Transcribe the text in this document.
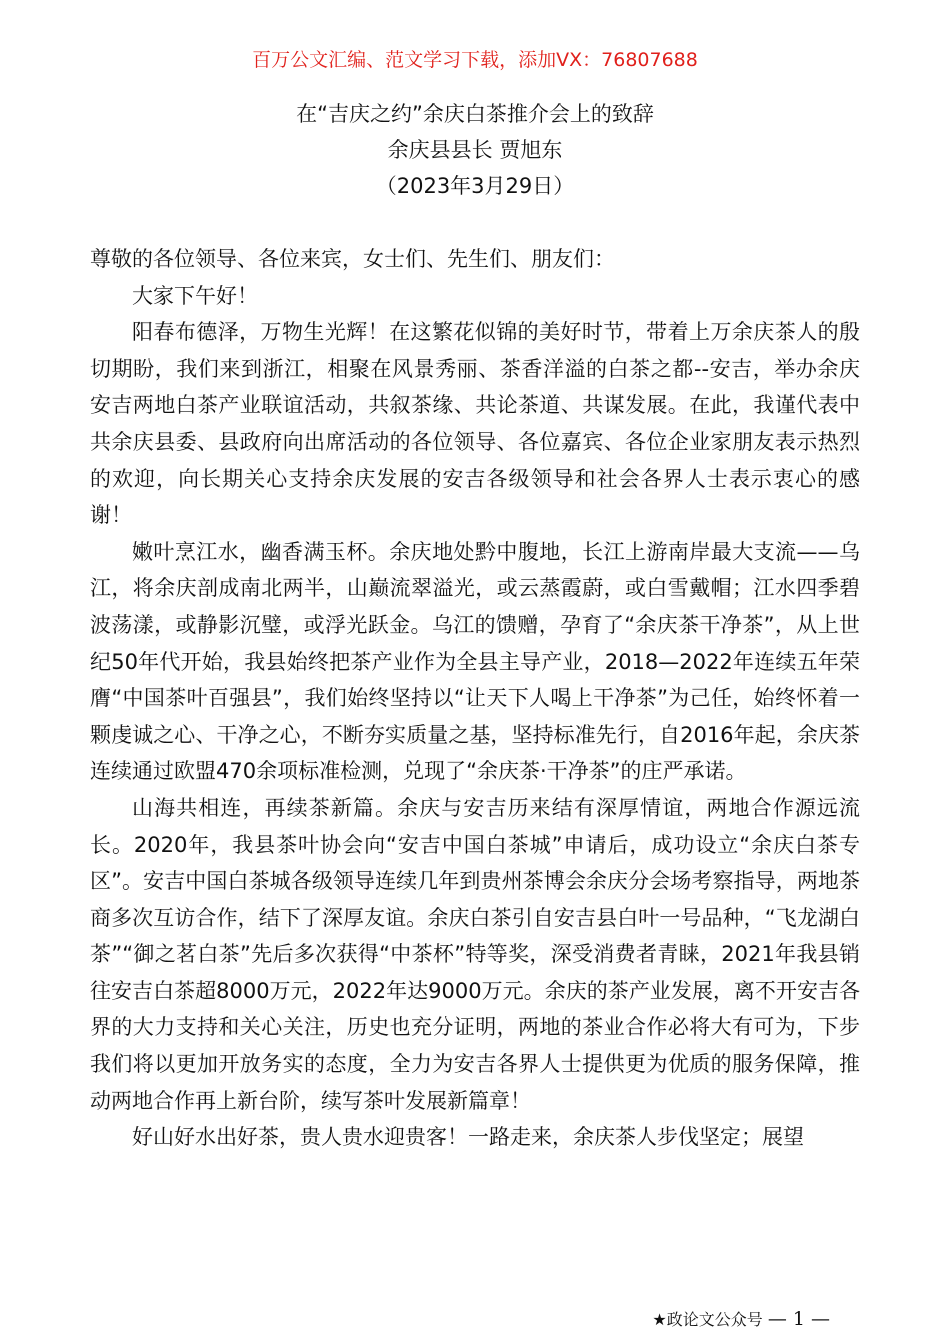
百万公文汇编、范文学习下载，添加VX：76807688
在“吉庆之约”余庆白茶推介会上的致辞
余庆县县长 贾旭东
（2023年3月29日）

尊敬的各位领导、各位来宾，女士们、先生们、朋友们：

大家下午好！

阳春布德泽，万物生光辉！在这繁花似锦的美好时节，带着上万余庆茶人的殷切期盼，我们来到浙江，相聚在风景秀丽、茶香洋溢的白茶之都--安吉，举办余庆安吉两地白茶产业联谊活动，共叙茶缘、共论茶道、共谋发展。在此，我谨代表中共余庆县委、县政府向出席活动的各位领导、各位嘉宾、各位企业家朋友表示热烈的欢迎，向长期关心支持余庆发展的安吉各级领导和社会各界人士表示衷心的感谢！

嫩叶烹江水，幽香满玉杯。余庆地处黔中腹地，长江上游南岸最大支流——乌江，将余庆剖成南北两半，山巅流翠溢光，或云蒸霞蔚，或白雪戴帽；江水四季碧波荡漾，或静影沉璧，或浮光跃金。乌江的馈赠，孕育了“余庆茶干净茶”，从上世纪50年代开始，我县始终把茶产业作为全县主导产业，2018—2022年连续五年荣膺“中国茶叶百强县”，我们始终坚持以“让天下人喝上干净茶”为己任，始终怀着一颗虔诚之心、干净之心，不断夯实质量之基，坚持标准先行，自2016年起，余庆茶连续通过欧盟470余项标准检测，兑现了“余庆茶·干净茶”的庄严承诺。

山海共相连，再续茶新篇。余庆与安吉历来结有深厚情谊，两地合作源远流长。2020年，我县茶叶协会向“安吉中国白茶城”申请后，成功设立“余庆白茶专区”。安吉中国白茶城各级领导连续几年到贵州茶博会余庆分会场考察指导，两地茶商多次互访合作，结下了深厚友谊。余庆白茶引自安吉县白叶一号品种，“飞龙湖白茶”“御之茗白茶”先后多次获得“中茶杯”特等奖，深受消费者青睐，2021年我县销往安吉白茶超8000万元，2022年达9000万元。余庆的茶产业发展，离不开安吉各界的大力支持和关心关注，历史也充分证明，两地的茶业合作必将大有可为，下步我们将以更加开放务实的态度，全力为安吉各界人士提供更为优质的服务保障，推动两地合作再上新台阶，续写茶叶发展新篇章！

好山好水出好茶，贵人贵水迎贵客！一路走来，余庆茶人步伐坚定；展望

★政论文公众号 — 1 —
